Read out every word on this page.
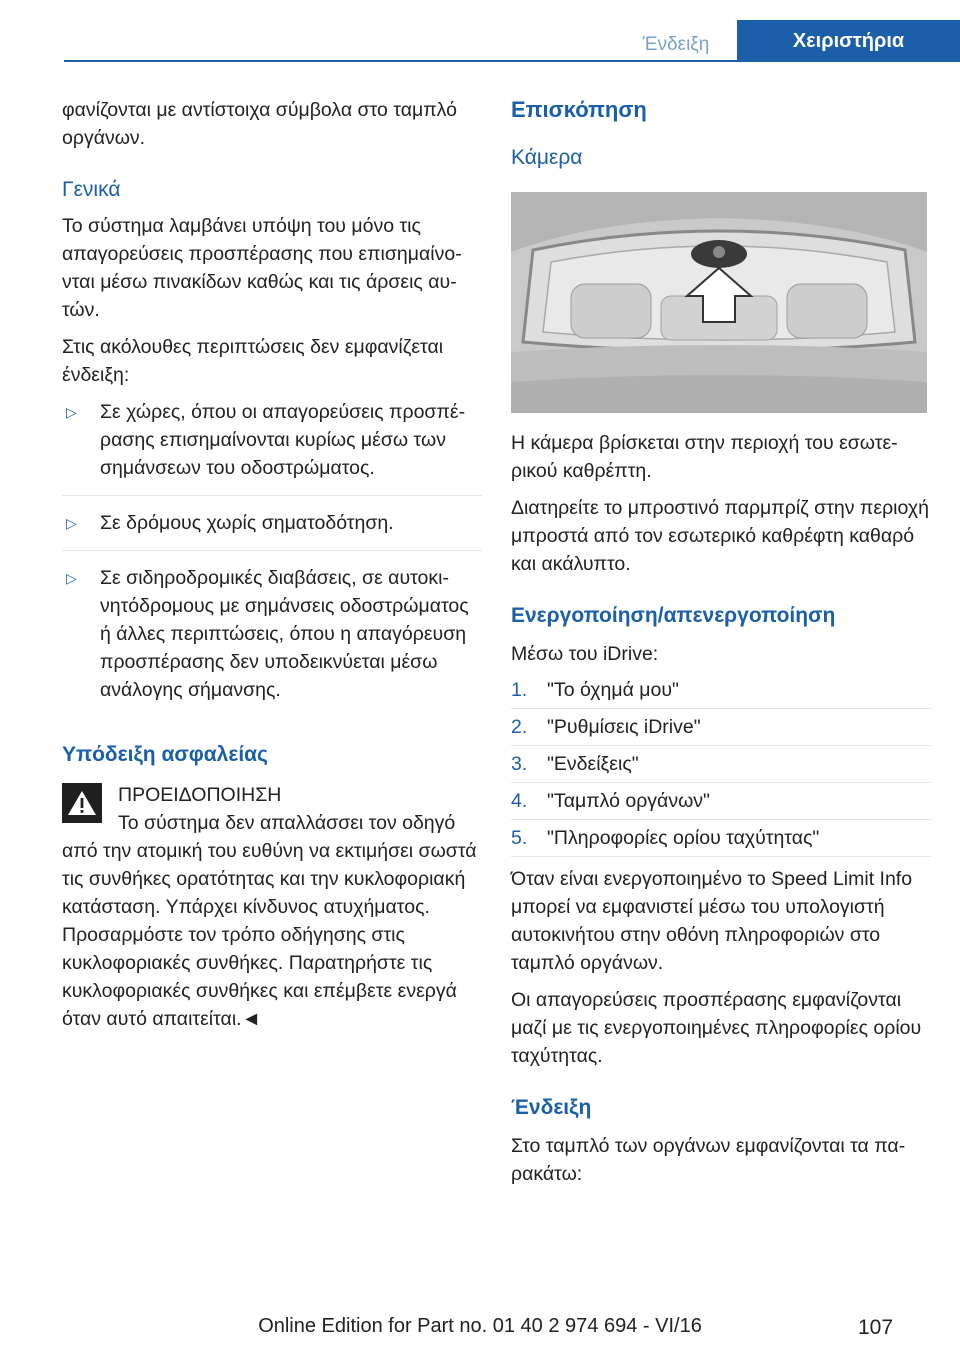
Ένδειξη	Χειριστήρια

φανίζονται με αντίστοιχα σύμβολα στο ταμπλό οργάνων.

Γενικά

Το σύστημα λαμβάνει υπόψη του μόνο τις απαγορεύσεις προσπέρασης που επισημαίνονται μέσω πινακίδων καθώς και τις άρσεις αυτών.

Στις ακόλουθες περιπτώσεις δεν εμφανίζεται ένδειξη:

▷ Σε χώρες, όπου οι απαγορεύσεις προσπέρασης επισημαίνονται κυρίως μέσω των σημάνσεων του οδοστρώματος.
▷ Σε δρόμους χωρίς σηματοδότηση.
▷ Σε σιδηροδρομικές διαβάσεις, σε αυτοκινητόδρομους με σημάνσεις οδοστρώματος ή άλλες περιπτώσεις, όπου η απαγόρευση προσπέρασης δεν υποδεικνύεται μέσω ανάλογης σήμανσης.
Υπόδειξη ασφαλείας
ΠΡΟΕΙΔΟΠΟΙΗΣΗ
Το σύστημα δεν απαλλάσσει τον οδηγό
από την ατομική του ευθύνη να εκτιμήσει σωστά τις συνθήκες ορατότητας και την κυκλοφοριακή κατάσταση. Υπάρχει κίνδυνος ατυχήματος. Προσαρμόστε τον τρόπο οδήγησης στις κυκλοφοριακές συνθήκες. Παρατηρήστε τις κυκλοφοριακές συνθήκες και επέμβετε ενεργά όταν αυτό απαιτείται.◄
Επισκόπηση
Κάμερα

Η κάμερα βρίσκεται στην περιοχή του εσωτερικού καθρέπτη.

Διατηρείτε το μπροστινό παρμπρίζ στην περιοχή μπροστά από τον εσωτερικό καθρέφτη καθαρό και ακάλυπτο.

Ενεργοποίηση/απενεργοποίηση

Μέσω του iDrive:

1. "Το όχημά μου"
2. "Ρυθμίσεις iDrive"
3. "Ενδείξεις"
4. "Ταμπλό οργάνων"
5. "Πληροφορίες ορίου ταχύτητας"

Όταν είναι ενεργοποιημένο το Speed Limit Info μπορεί να εμφανιστεί μέσω του υπολογιστή αυτοκινήτου στην οθόνη πληροφοριών στο ταμπλό οργάνων.

Οι απαγορεύσεις προσπέρασης εμφανίζονται μαζί με τις ενεργοποιημένες πληροφορίες ορίου ταχύτητας.

Ένδειξη

Στο ταμπλό των οργάνων εμφανίζονται τα παρακάτω:

Online Edition for Part no. 01 40 2 974 694 - VI/16	107
